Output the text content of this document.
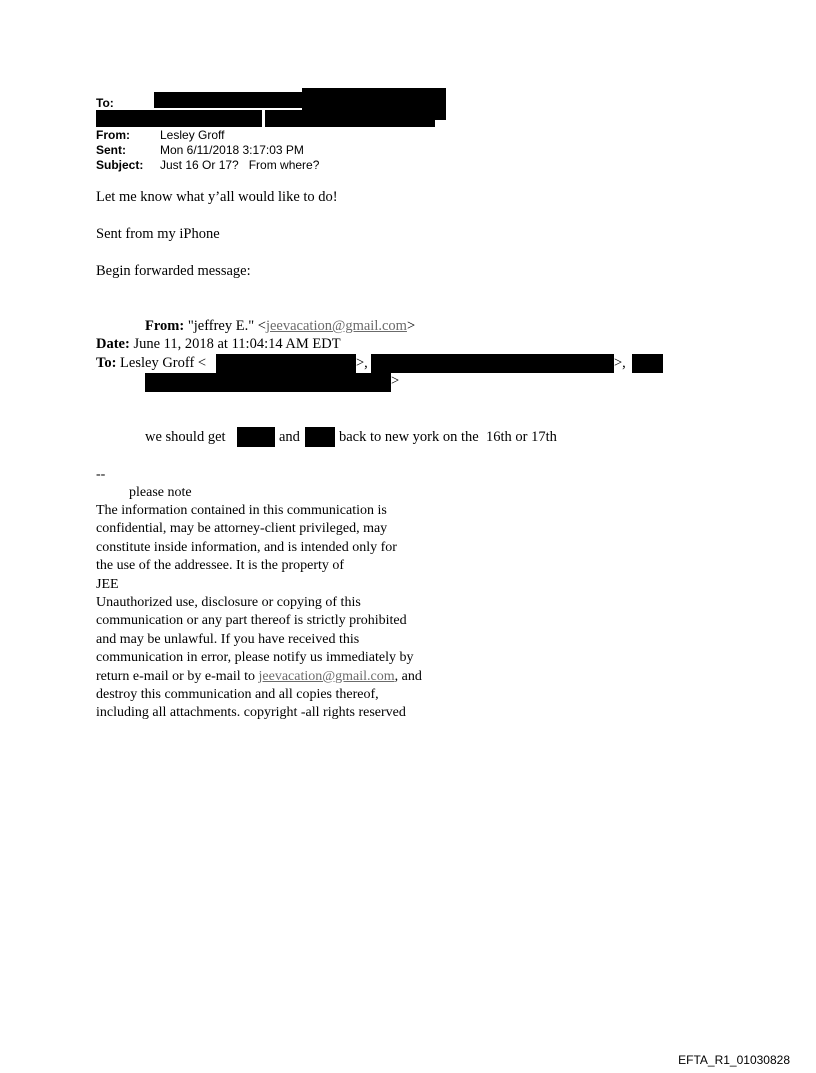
To:
From:	Lesley Groff
Sent:	Mon 6/11/2018 3:17:03 PM
Subject: Just 16 Or 17?   From where?
Let me know what y’all would like to do!
Sent from my iPhone
Begin forwarded message:
From: "jeffrey E." <jeevacation@gmail.com>
Date: June 11, 2018 at 11:04:14 AM EDT
To: Lesley Groff <	>,	>,
>
we should get	and	back to new york on the  16th or 17th
--
please note
The information contained in this communication is
confidential, may be attorney-client privileged, may
constitute inside information, and is intended only for
the use of the addressee. It is the property of
JEE
Unauthorized use, disclosure or copying of this
communication or any part thereof is strictly prohibited
and may be unlawful. If you have received this
communication in error, please notify us immediately by
return e-mail or by e-mail to jeevacation@gmail.com, and
destroy this communication and all copies thereof,
including all attachments. copyright -all rights reserved
EFTA_R1_01030828
